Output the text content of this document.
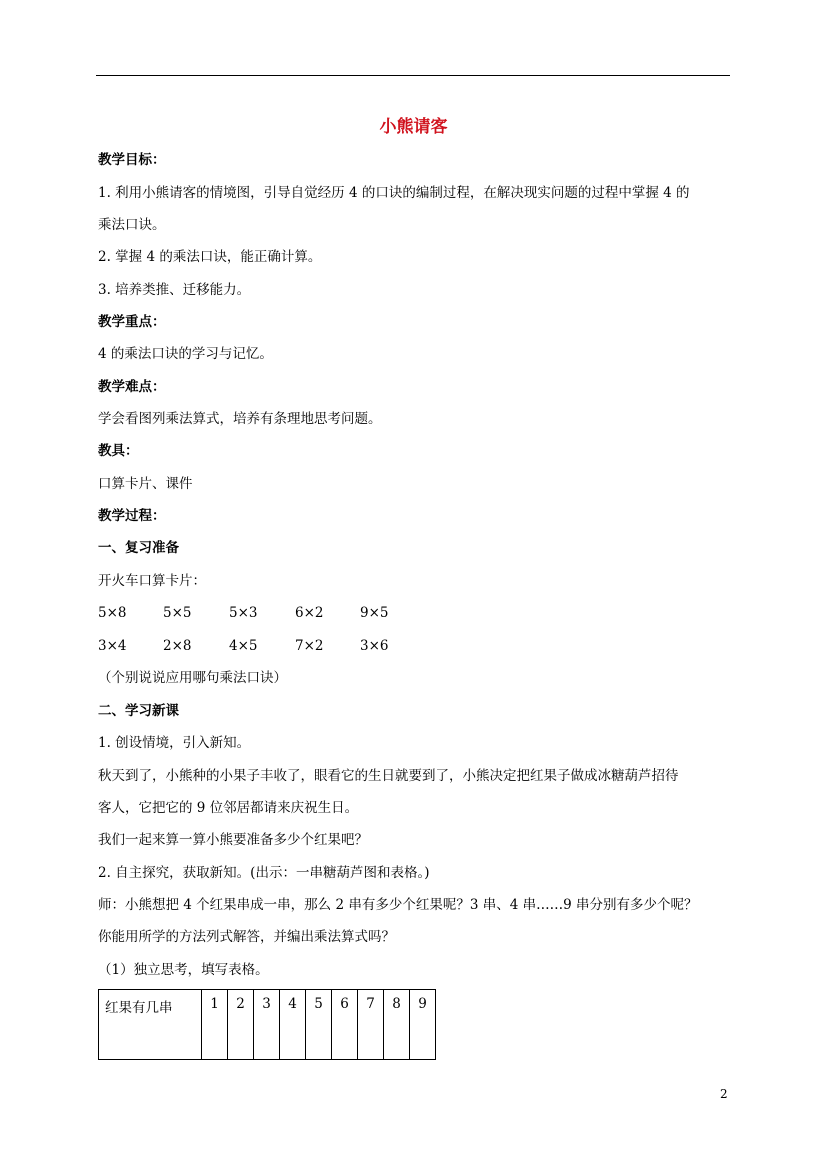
小熊请客
教学目标：
1. 利用小熊请客的情境图，引导自觉经历 4 的口诀的编制过程，在解决现实问题的过程中掌握 4 的
乘法口诀。
2. 掌握 4 的乘法口诀，能正确计算。
3. 培养类推、迁移能力。
教学重点：
4 的乘法口诀的学习与记忆。
教学难点：
学会看图列乘法算式，培养有条理地思考问题。
教具：
口算卡片、课件
教学过程：
一、复习准备
开火车口算卡片：
5×8	5×5	5×3	6×2	9×5
3×4	2×8	4×5	7×2	3×6
（个别说说应用哪句乘法口诀）
二、学习新课
1. 创设情境，引入新知。
秋天到了，小熊种的小果子丰收了，眼看它的生日就要到了，小熊决定把红果子做成冰糖葫芦招待
客人，它把它的 9 位邻居都请来庆祝生日。
我们一起来算一算小熊要准备多少个红果吧？
2. 自主探究，获取新知。(出示：一串糖葫芦图和表格。)
师：小熊想把 4 个红果串成一串，那么 2 串有多少个红果呢？3 串、4 串……9 串分别有多少个呢？
你能用所学的方法列式解答，并编出乘法算式吗？
（1）独立思考，填写表格。
红果有几串	1	2	3	4	5	6	7	8	9
2
